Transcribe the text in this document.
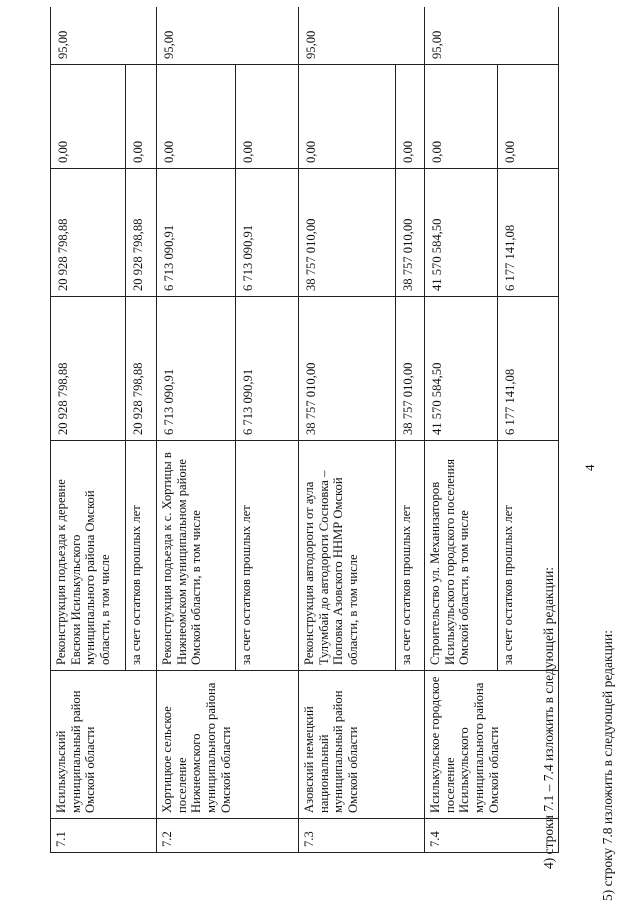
4
4) строки 7.1 – 7.4 изложить в следующей редакции:
7.1	Исилькульский муниципальный район Омской области	Реконструкция подъезда к деревне Евсюки Исилькульского муниципального района Омской области, в том числе	20 928 798,88	20 928 798,88	0,00	95,00
		за счет остатков прошлых лет	20 928 798,88	20 928 798,88	0,00	
7.2	Хортицкое сельское поселение Нижнеомского муниципального района Омской области	Реконструкция подъезда к с. Хортицы в Нижнеомском муниципальном районе Омской области, в том числе	6 713 090,91	6 713 090,91	0,00	95,00
		за счет остатков прошлых лет	6 713 090,91	6 713 090,91	0,00	
7.3	Азовский немецкий национальный муниципальный район Омской области	Реконструкция автодороги от аула Тулумбай до автодороги Сосновка – Поповка Азовского ННМР Омской области, в том числе	38 757 010,00	38 757 010,00	0,00	95,00
		за счет остатков прошлых лет	38 757 010,00	38 757 010,00	0,00	
7.4	Исилькульское городское поселение Исилькульского муниципального района Омской области	Строительство ул. Механизаторов Исилькульского городского поселения Омской области, в том числе	41 570 584,50	41 570 584,50	0,00	95,00
		за счет остатков прошлых лет	6 177 141,08	6 177 141,08	0,00	
5) строку 7.8 изложить в следующей редакции:
